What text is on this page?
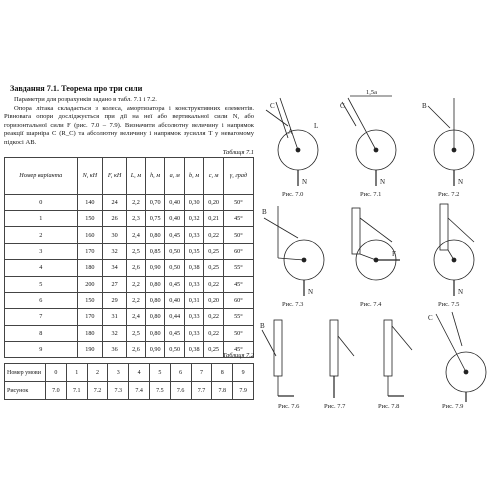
Завдання 7.1. Теорема про три сили

Параметри для розрахунків задано в табл. 7.1 і 7.2.

Опора літака складається з колеса, амортизатора і конструктивних елементів. Рівновага опори досліджується при дії на неї або вертикальної сили N, або горизонтальної сили F (рис. 7.0 – 7.9). Визначити абсолютну величину і напрямок реакції шарніра C (R_C) та абсолютну величину і напрямок зусилля T у невагомому підкосі AB.

Таблиця 7.1
Номер варіанта	N, кН	F, кН	L, м	h, м	a, м	b, м	c, м	γ, град
0	140	24	2,2	0,70	0,40	0,30	0,20	50°
1	150	26	2,3	0,75	0,40	0,32	0,21	45°
2	160	30	2,4	0,80	0,45	0,33	0,22	50°
3	170	32	2,5	0,85	0,50	0,35	0,25	60°
4	180	34	2,6	0,90	0,50	0,38	0,25	55°
5	200	27	2,2	0,80	0,45	0,33	0,22	45°
6	150	29	2,2	0,80	0,40	0,31	0,20	60°
7	170	31	2,4	0,80	0,44	0,33	0,22	55°
8	180	32	2,5	0,80	0,45	0,33	0,22	50°
9	190	36	2,6	0,90	0,50	0,38	0,25	45°
Таблиця 7.2
Номер умови	0	1	2	3	4	5	6	7	8	9
Рисунок	7.0	7.1	7.2	7.3	7.4	7.5	7.6	7.7	7.8	7.9
C
A
N
L
Рис. 7.0
1,5a
C
N
Рис. 7.1
B
N
Рис. 7.2
B
N
Рис. 7.3
F
Рис. 7.4
N
Рис. 7.5
B
Рис. 7.6	Рис. 7.7	Рис. 7.8
C
Рис. 7.9
